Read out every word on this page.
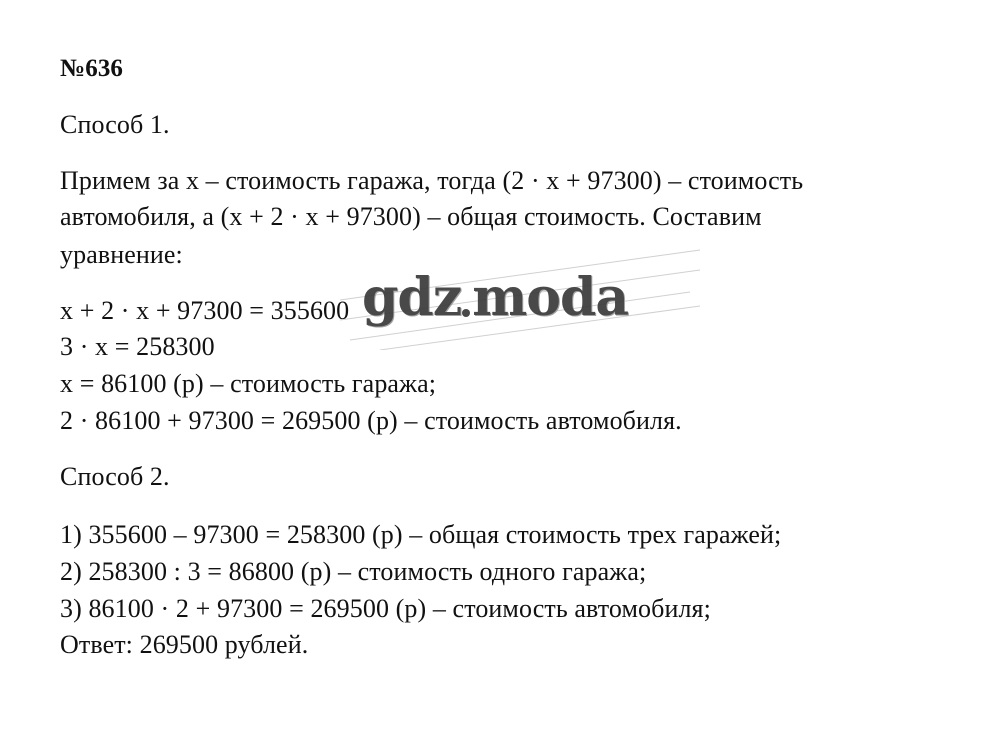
№636
Способ 1.
Примем за x – стоимость гаража, тогда (2 · x + 97300) – стоимость
автомобиля, а (x + 2 · x + 97300) – общая стоимость. Составим
уравнение:
x + 2 · x + 97300 = 355600
3 · x = 258300
x = 86100 (р) – стоимость гаража;
2 · 86100 + 97300 = 269500 (р) – стоимость автомобиля.
Способ 2.
1) 355600 – 97300 = 258300 (р) – общая стоимость трех гаражей;
2) 258300 : 3 = 86800 (р) – стоимость одного гаража;
3) 86100 · 2 + 97300 = 269500 (р) – стоимость автомобиля;
Ответ: 269500 рублей.
gdz moda
